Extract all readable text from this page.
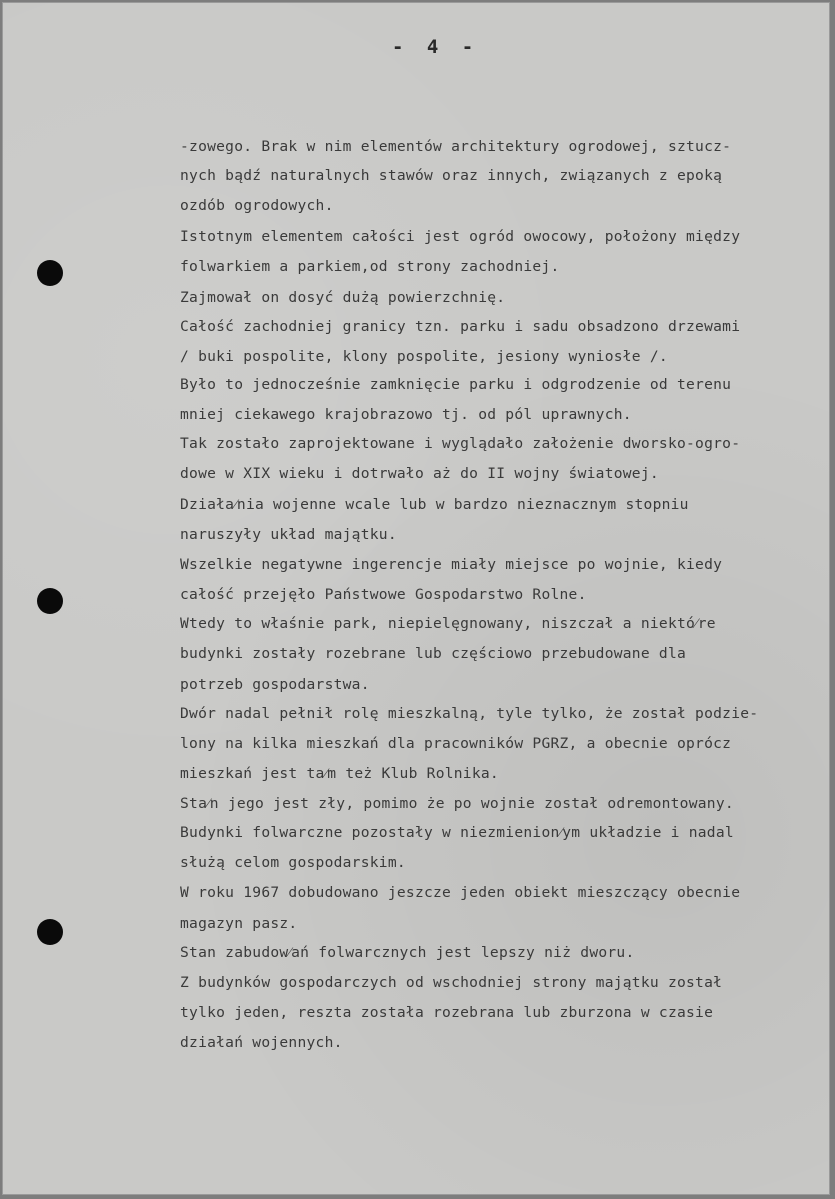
- 4 -
-zowego. Brak w nim elementów architektury ogrodowej, sztucz-
nych bądź naturalnych stawów oraz innych, związanych z epoką
ozdób ogrodowych.
Istotnym elementem całości jest ogród owocowy, położony między
folwarkiem a parkiem,od strony zachodniej.
Zajmował on dosyć dużą powierzchnię.
Całość zachodniej granicy tzn. parku i sadu obsadzono drzewami
/ buki pospolite, klony pospolite, jesiony wyniosłe /.
Było to jednocześnie zamknięcie parku i odgrodzenie od terenu
mniej ciekawego krajobrazowo tj. od pól uprawnych.
Tak zostało zaprojektowane i wyglądało założenie dworsko-ogro-
dowe w XIX wieku i dotrwało aż do II wojny światowej.
Działa⁄nia wojenne wcale lub w bardzo nieznacznym stopniu
naruszyły układ majątku.
Wszelkie negatywne ingerencje miały miejsce po wojnie, kiedy
całość przejęło Państwowe Gospodarstwo Rolne.
Wtedy to właśnie park, niepielęgnowany, niszczał a niektó⁄re
budynki zostały rozebrane lub częściowo przebudowane dla
potrzeb gospodarstwa.
Dwór nadal pełnił rolę mieszkalną, tyle tylko, że został podzie-
lony na kilka mieszkań dla pracowników PGRZ, a obecnie oprócz
mieszkań jest ta⁄m też Klub Rolnika.
Sta⁄n jego jest zły, pomimo że po wojnie został odremontowany.
Budynki folwarczne pozostały w niezmienion⁄ym układzie i nadal
służą celom gospodarskim.
W roku 1967 dobudowano jeszcze jeden obiekt mieszczący obecnie
magazyn pasz.
Stan zabudow⁄ań folwarcznych jest lepszy niż dworu.
Z budynków gospodarczych od wschodniej strony majątku został
tylko jeden, reszta została rozebrana lub zburzona w czasie
działań wojennych.
